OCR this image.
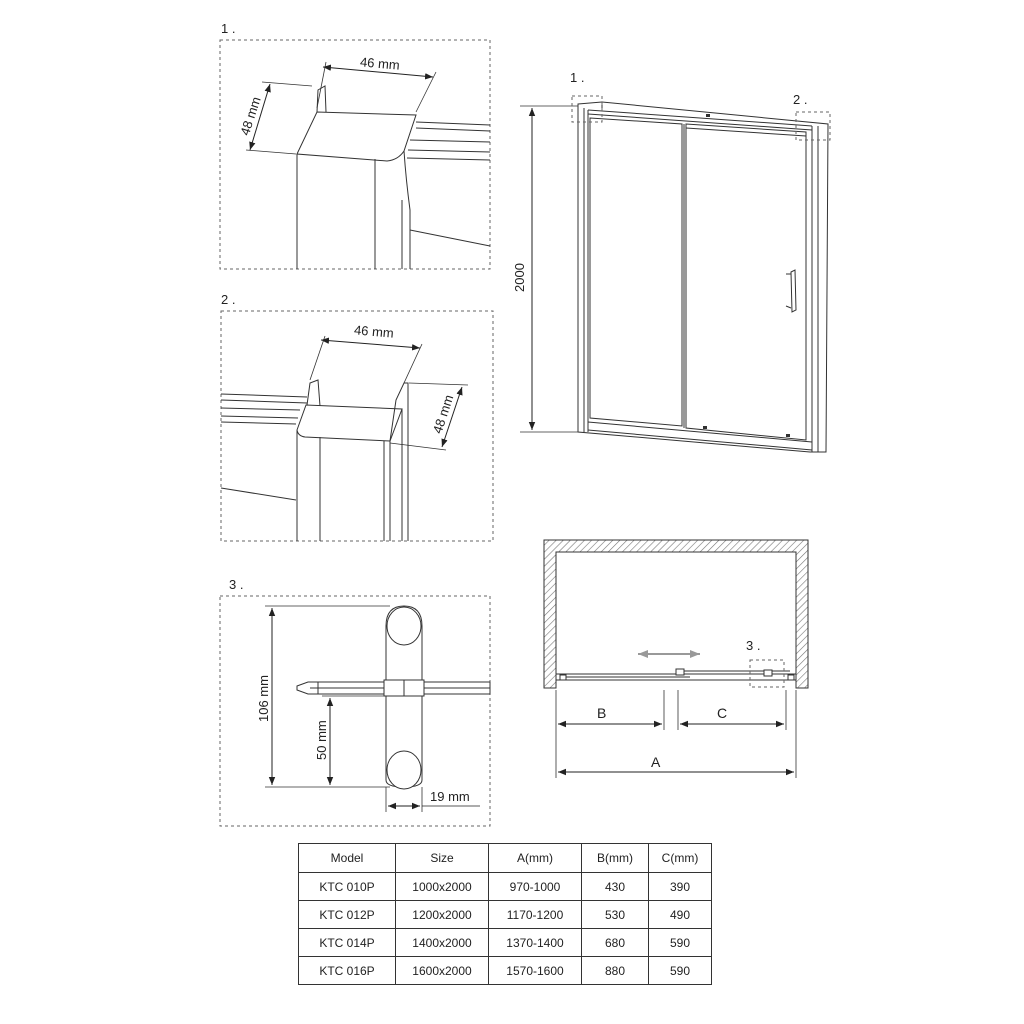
1 .
46 mm
48 mm
2 .
46 mm
48 mm
3 .
106 mm
50 mm
19 mm
2000
1 .
2 .
3 .
B	C
A
Model	Size	A(mm)	B(mm)	C(mm)
KTC 010P	1000x2000	970-1000	430	390
KTC 012P	1200x2000	1170-1200	530	490
KTC 014P	1400x2000	1370-1400	680	590
KTC 016P	1600x2000	1570-1600	880	590
